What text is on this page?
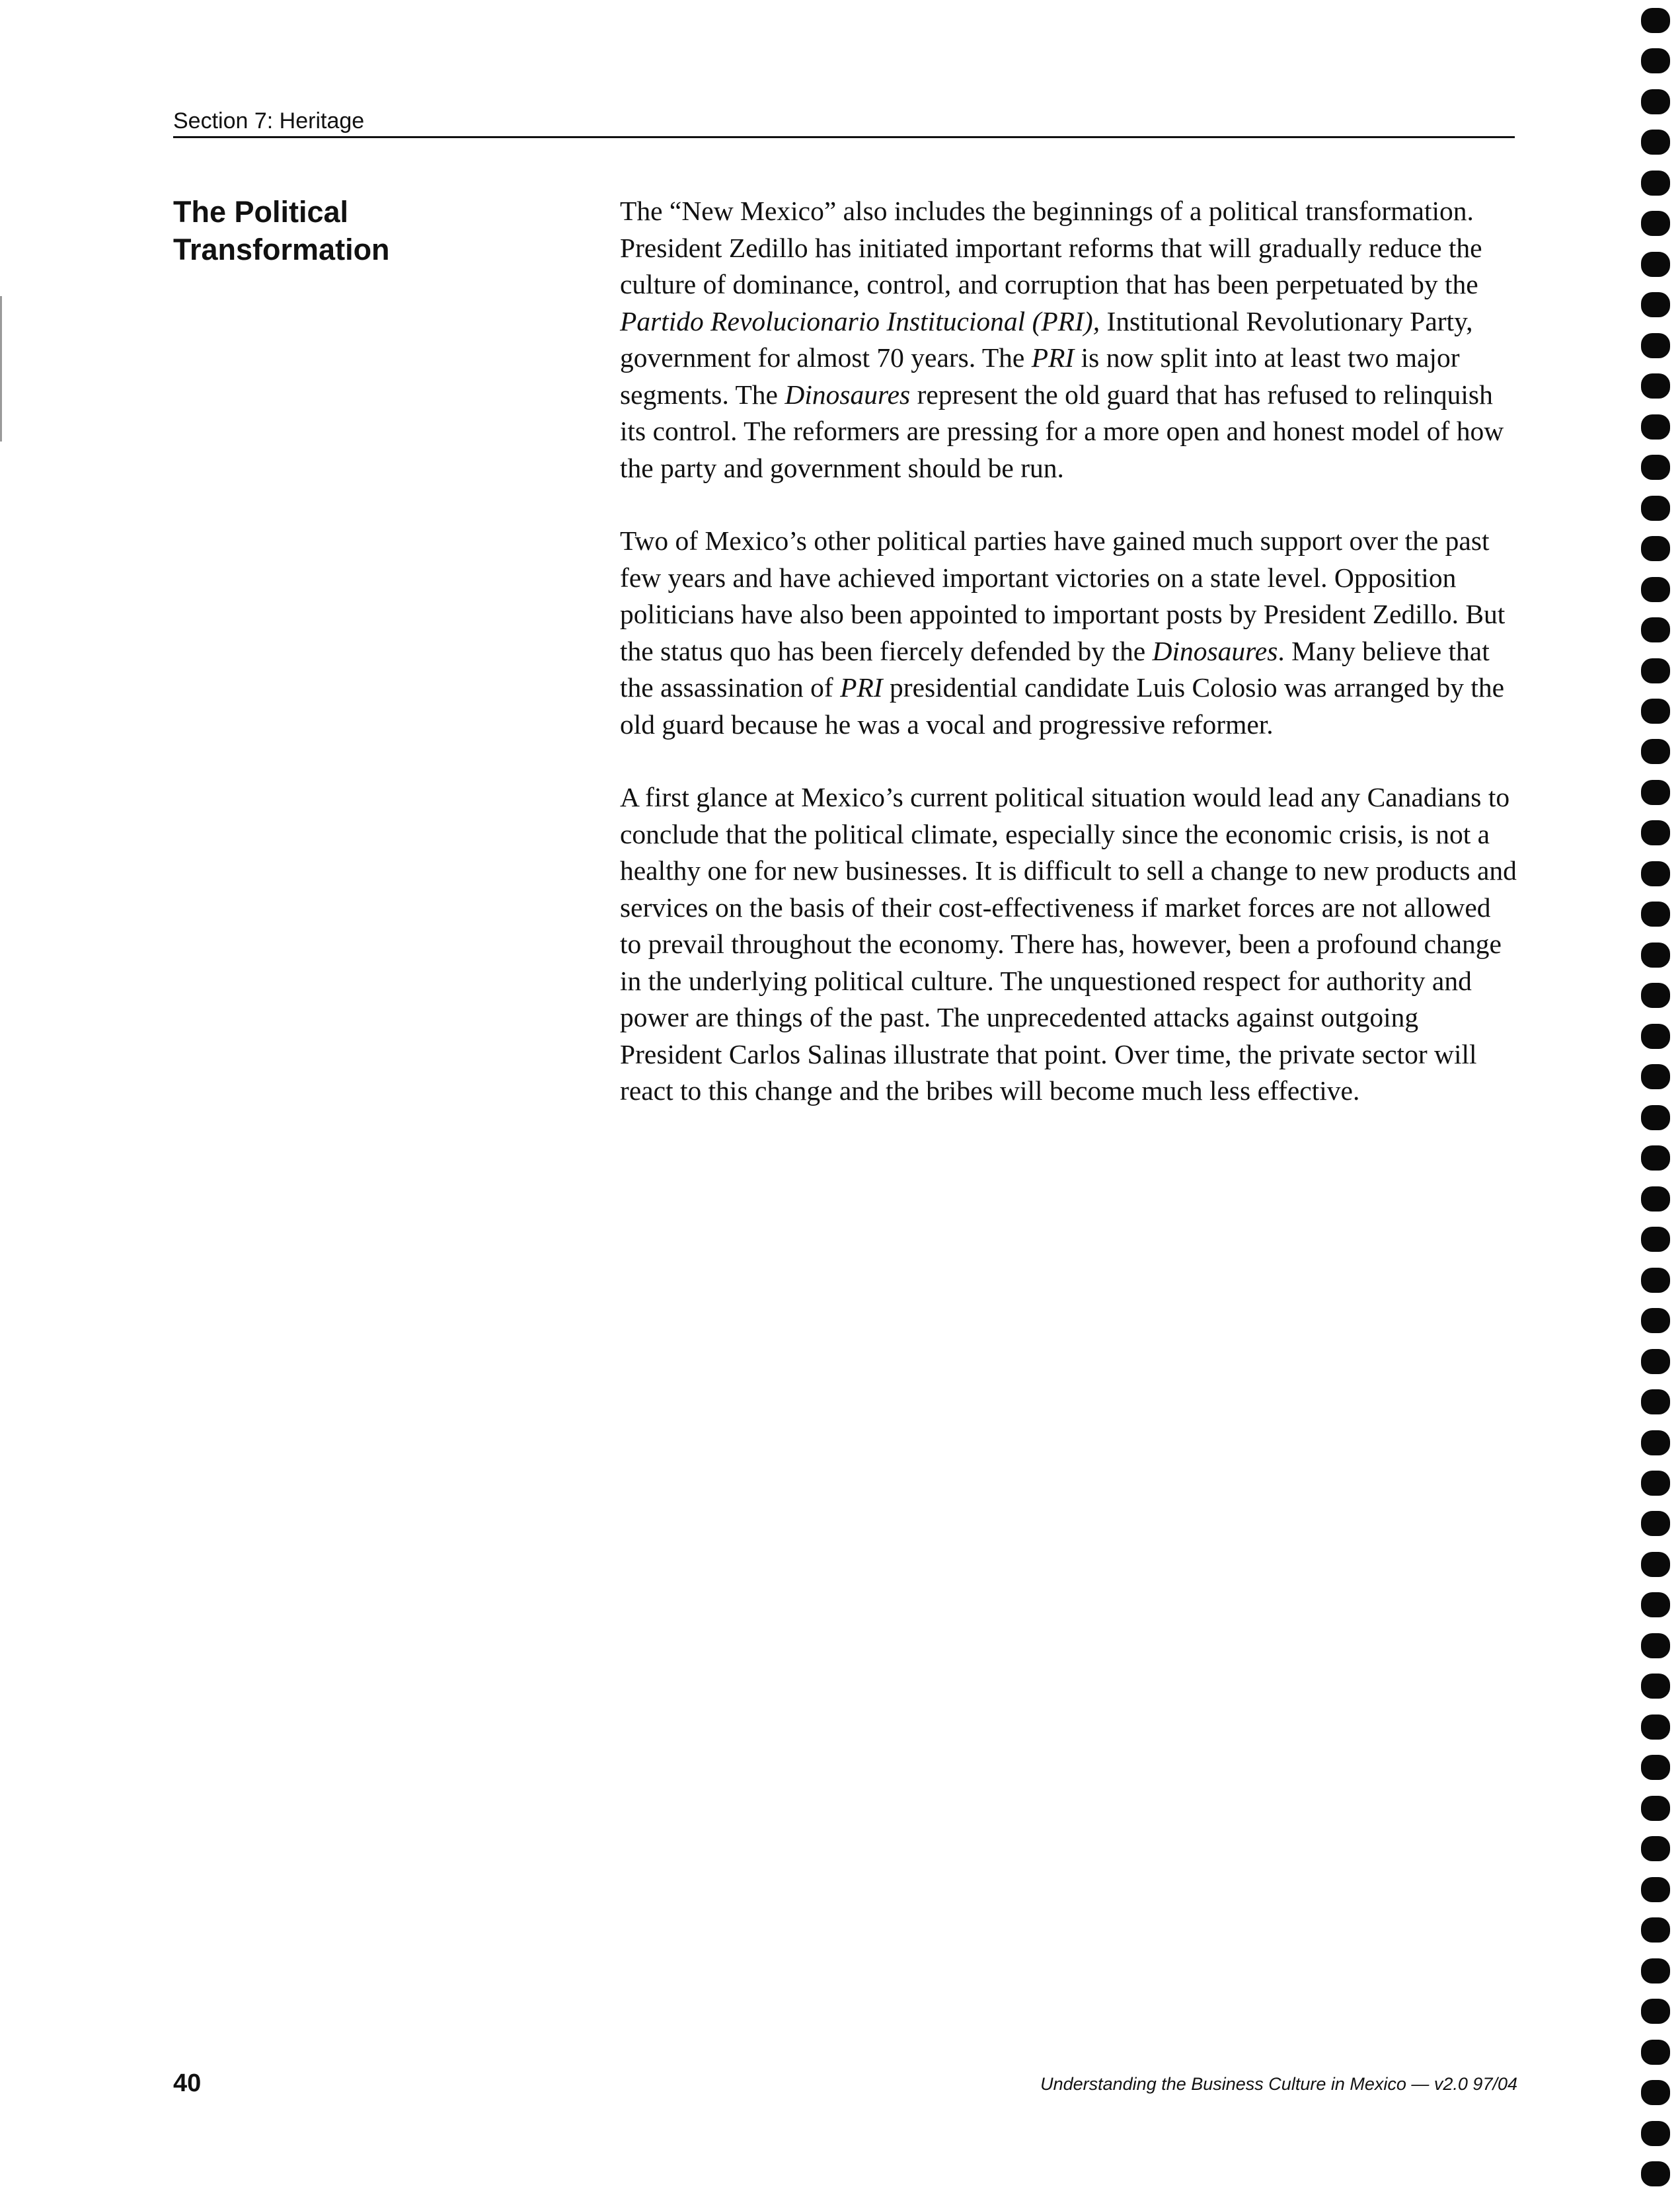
Section 7: Heritage
The Political
Transformation

The “New Mexico” also includes the beginnings of a political transformation. President Zedillo has initiated important reforms that will gradually reduce the culture of dominance, control, and corruption that has been perpetuated by the Partido Revolucionario Institucional (PRI), Institutional Revolutionary Party, government for almost 70 years. The PRI is now split into at least two major segments. The Dinosaures represent the old guard that has refused to relinquish its control. The reformers are pressing for a more open and honest model of how the party and government should be run.

Two of Mexico’s other political parties have gained much support over the past few years and have achieved important victories on a state level. Opposition politicians have also been appointed to important posts by President Zedillo. But the status quo has been fiercely defended by the Dinosaures. Many believe that the assassination of PRI presidential candidate Luis Colosio was arranged by the old guard because he was a vocal and progressive reformer.

A first glance at Mexico’s current political situation would lead any Canadians to conclude that the political climate, especially since the economic crisis, is not a healthy one for new businesses. It is difficult to sell a change to new products and services on the basis of their cost-effectiveness if market forces are not allowed to prevail throughout the economy. There has, however, been a profound change in the underlying political culture. The unquestioned respect for authority and power are things of the past. The unprecedented attacks against outgoing President Carlos Salinas illustrate that point. Over time, the private sector will react to this change and the bribes will become much less effective.

40	Understanding the Business Culture in Mexico — v2.0 97/04
